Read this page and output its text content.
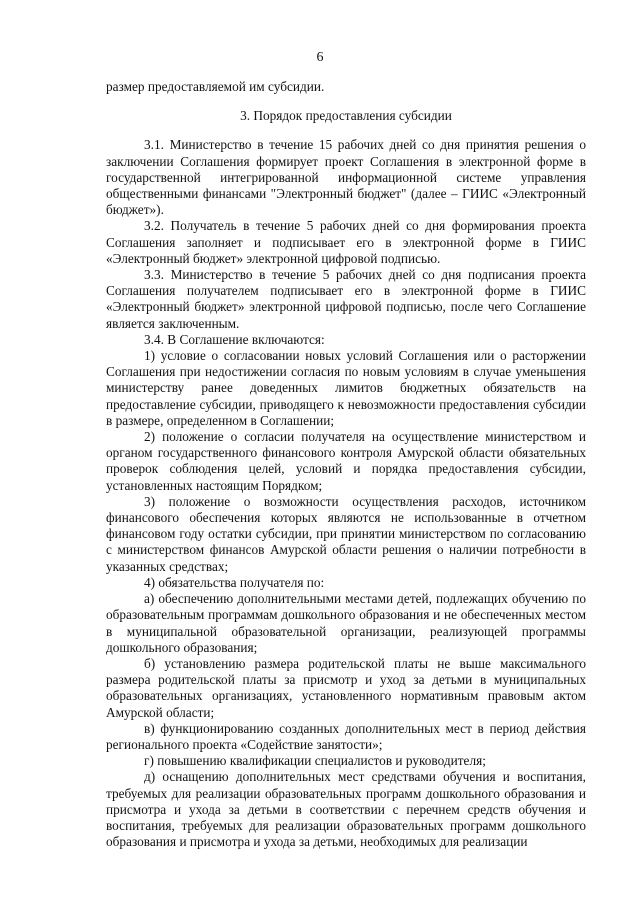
6

размер предоставляемой им субсидии.

3. Порядок предоставления субсидии

3.1. Министерство в течение 15 рабочих дней со дня принятия решения о заключении Соглашения формирует проект Соглашения в электронной форме в государственной интегрированной информационной системе управления общественными финансами "Электронный бюджет" (далее – ГИИС «Электронный бюджет»).

3.2. Получатель в течение 5 рабочих дней со дня формирования проекта Соглашения заполняет и подписывает его в электронной форме в ГИИС «Электронный бюджет» электронной цифровой подписью.

3.3. Министерство в течение 5 рабочих дней со дня подписания проекта Соглашения получателем подписывает его в электронной форме в ГИИС «Электронный бюджет» электронной цифровой подписью, после чего Соглашение является заключенным.

3.4. В Соглашение включаются:

1) условие о согласовании новых условий Соглашения или о расторжении Соглашения при недостижении согласия по новым условиям в случае уменьшения министерству ранее доведенных лимитов бюджетных обязательств на предоставление субсидии, приводящего к невозможности предоставления субсидии в размере, определенном в Соглашении;

2) положение о согласии получателя на осуществление министерством и органом государственного финансового контроля Амурской области обязательных проверок соблюдения целей, условий и порядка предоставления субсидии, установленных настоящим Порядком;

3) положение о возможности осуществления расходов, источником финансового обеспечения которых являются не использованные в отчетном финансовом году остатки субсидии, при принятии министерством по согласованию с министерством финансов Амурской области решения о наличии потребности в указанных средствах;

4) обязательства получателя по:

а) обеспечению дополнительными местами детей, подлежащих обучению по образовательным программам дошкольного образования и не обеспеченных местом в муниципальной образовательной организации, реализующей программы дошкольного образования;

б) установлению размера родительской платы не выше максимального размера родительской платы за присмотр и уход за детьми в муниципальных образовательных организациях, установленного нормативным правовым актом Амурской области;

в) функционированию созданных дополнительных мест в период действия регионального проекта «Содействие занятости»;

г) повышению квалификации специалистов и руководителя;

д) оснащению дополнительных мест средствами обучения и воспитания, требуемых для реализации образовательных программ дошкольного образования и присмотра и ухода за детьми в соответствии с перечнем средств обучения и воспитания, требуемых для реализации образовательных программ дошкольного образования и присмотра и ухода за детьми, необходимых для реализации
